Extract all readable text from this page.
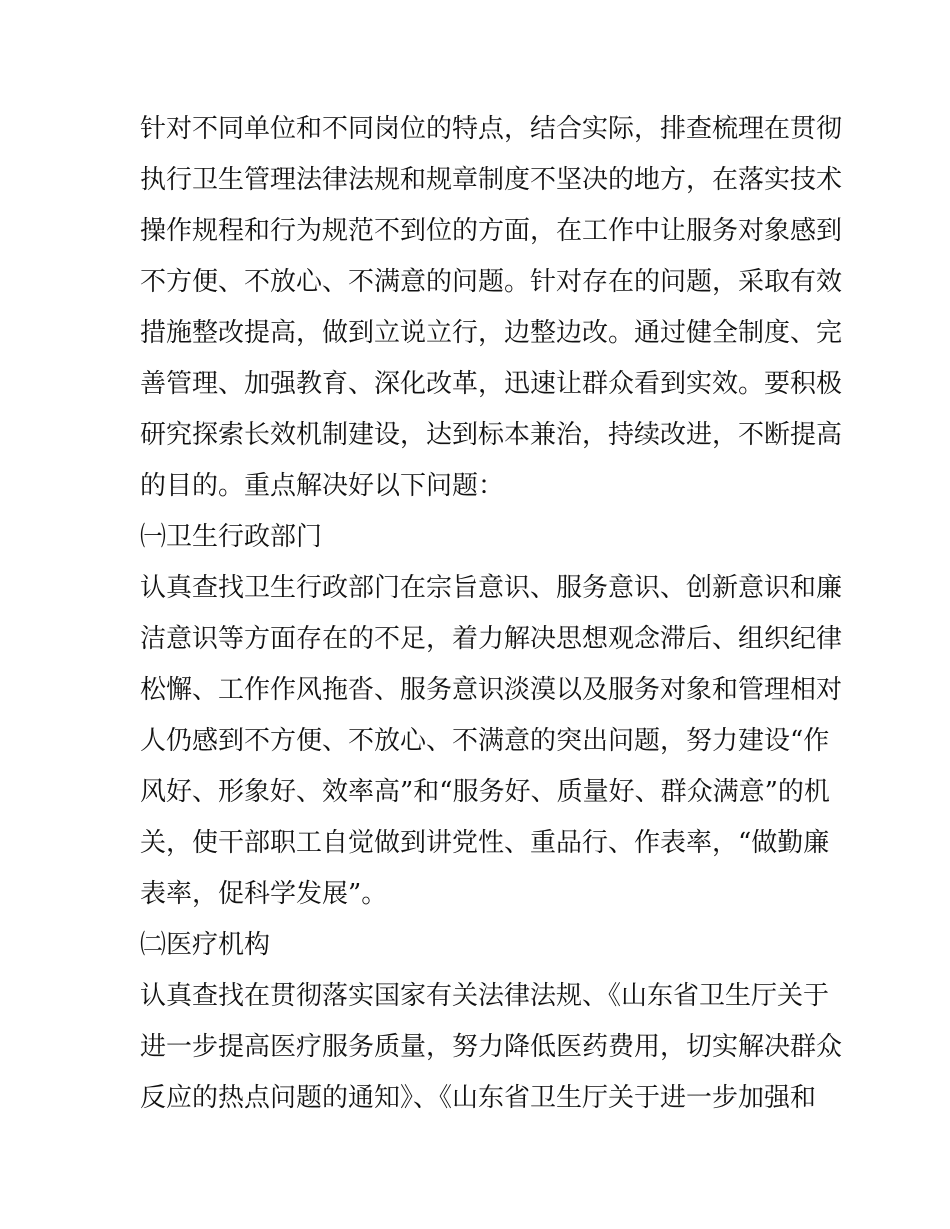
针对不同单位和不同岗位的特点，结合实际，排查梳理在贯彻
执行卫生管理法律法规和规章制度不坚决的地方，在落实技术
操作规程和行为规范不到位的方面，在工作中让服务对象感到
不方便、不放心、不满意的问题。针对存在的问题，采取有效
措施整改提高，做到立说立行，边整边改。通过健全制度、完
善管理、加强教育、深化改革，迅速让群众看到实效。要积极
研究探索长效机制建设，达到标本兼治，持续改进，不断提高
的目的。重点解决好以下问题：
㈠卫生行政部门
认真查找卫生行政部门在宗旨意识、服务意识、创新意识和廉
洁意识等方面存在的不足，着力解决思想观念滞后、组织纪律
松懈、工作作风拖沓、服务意识淡漠以及服务对象和管理相对
人仍感到不方便、不放心、不满意的突出问题，努力建设“作
风好、形象好、效率高”和“服务好、质量好、群众满意”的机
关，使干部职工自觉做到讲党性、重品行、作表率，“做勤廉
表率，促科学发展”。
㈡医疗机构
认真查找在贯彻落实国家有关法律法规、《山东省卫生厅关于
进一步提高医疗服务质量，努力降低医药费用，切实解决群众
反应的热点问题的通知》、《山东省卫生厅关于进一步加强和
